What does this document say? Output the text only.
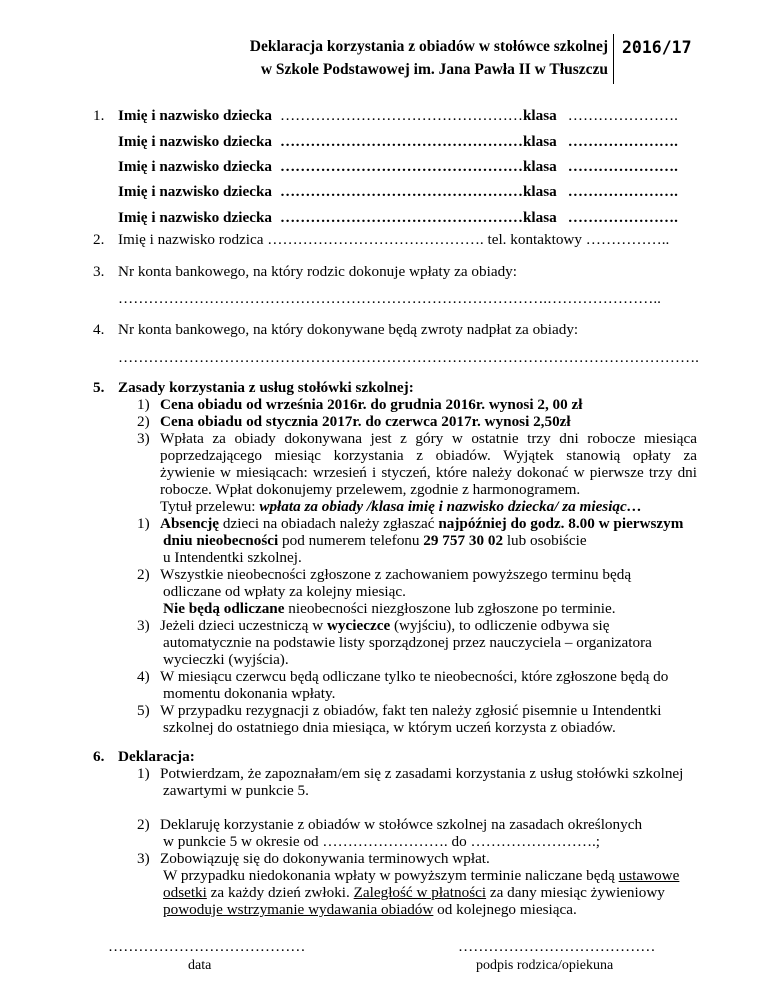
Deklaracja korzystania z obiadów w stołówce szkolnej
w Szkole Podstawowej im. Jana Pawła II w Tłuszczu
2016/17
1. Imię i nazwisko dziecka …………………………………………klasa ………………….
Imię i nazwisko dziecka …………………………………………klasa ………………….
Imię i nazwisko dziecka …………………………………………klasa ………………….
Imię i nazwisko dziecka …………………………………………klasa ………………….
Imię i nazwisko dziecka …………………………………………klasa ………………….
2. Imię i nazwisko rodzica ……………………………………. tel. kontaktowy ……………..
3. Nr konta bankowego, na który rodzic dokonuje wpłaty za obiady:
………………………………………………………………………….…………………..
4. Nr konta bankowego, na który dokonywane będą zwroty nadpłat za obiady:
…………………………………………………………………………………………………….
5. Zasady korzystania z usług stołówki szkolnej:
1) Cena obiadu od września 2016r. do grudnia 2016r. wynosi 2, 00 zł
2) Cena obiadu od stycznia 2017r. do czerwca 2017r. wynosi 2,50zł
3) Wpłata za obiady dokonywana jest z góry w ostatnie trzy dni robocze miesiąca
poprzedzającego miesiąc korzystania z obiadów. Wyjątek stanowią opłaty za
żywienie w miesiącach: wrzesień i styczeń, które należy dokonać w pierwsze trzy dni
robocze. Wpłat dokonujemy przelewem, zgodnie z harmonogramem.
Tytuł przelewu: wpłata za obiady /klasa imię i nazwisko dziecka/ za miesiąc…
1) Absencję dzieci na obiadach należy zgłaszać najpóźniej do godz. 8.00 w pierwszym
dniu nieobecności pod numerem telefonu 29 757 30 02 lub osobiście
u Intendentki szkolnej.
2) Wszystkie nieobecności zgłoszone z zachowaniem powyższego terminu będą
odliczane od wpłaty za kolejny miesiąc.
Nie będą odliczane nieobecności niezgłoszone lub zgłoszone po terminie.
3) Jeżeli dzieci uczestniczą w wycieczce (wyjściu), to odliczenie odbywa się
automatycznie na podstawie listy sporządzonej przez nauczyciela – organizatora
wycieczki (wyjścia).
4) W miesiącu czerwcu będą odliczane tylko te nieobecności, które zgłoszone będą do
momentu dokonania wpłaty.
5) W przypadku rezygnacji z obiadów, fakt ten należy zgłosić pisemnie u Intendentki
szkolnej do ostatniego dnia miesiąca, w którym uczeń korzysta z obiadów.
6. Deklaracja:
1) Potwierdzam, że zapoznałam/em się z zasadami korzystania z usług stołówki szkolnej
zawartymi w punkcie 5.
2) Deklaruję korzystanie z obiadów w stołówce szkolnej na zasadach określonych
w punkcie 5 w okresie od ……………………. do …………………….;
3) Zobowiązuję się do dokonywania terminowych wpłat.
W przypadku niedokonania wpłaty w powyższym terminie naliczane będą ustawowe
odsetki za każdy dzień zwłoki. Zaległość w płatności za dany miesiąc żywieniowy
powoduje wstrzymanie wydawania obiadów od kolejnego miesiąca.
…………………………………
data
…………………………………
podpis rodzica/opiekuna
